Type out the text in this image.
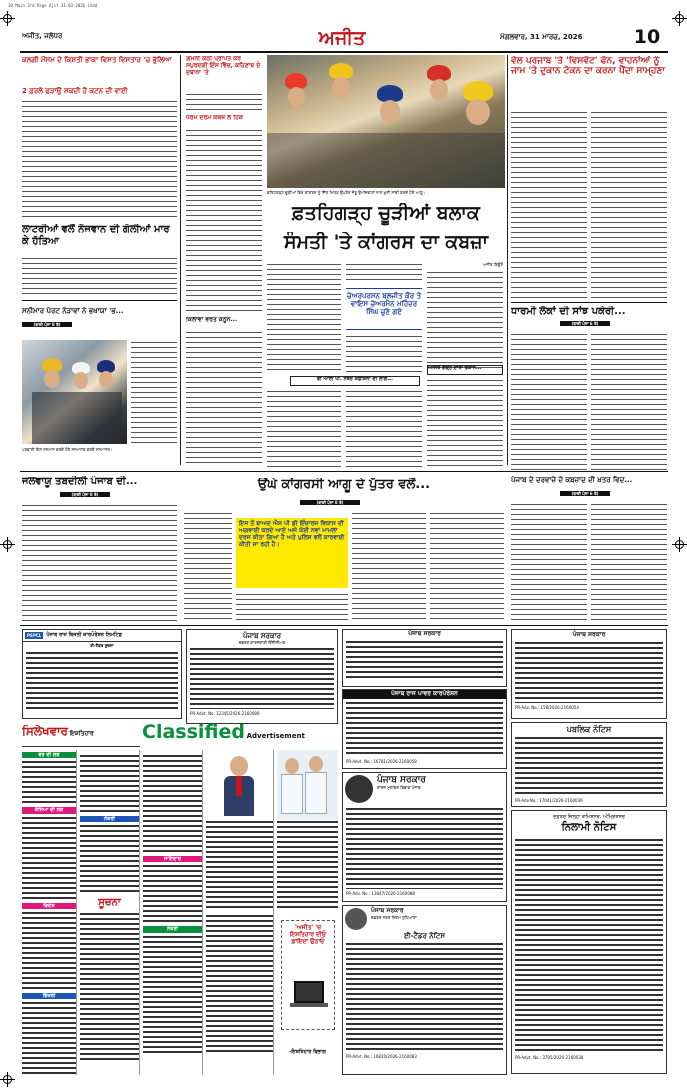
10-Main 3rd Page Ajit 31-03-2026 indd
ਅਜੀਤ, ਜਲੰਧਰ	ਅਜੀਤ	ਮੰਗਲਵਾਰ, 31 ਮਾਰਚ, 2026	10
ਕਲਗੀ ਮੌਸਮ ਦੇ ਕਿਸ਼ਤੀ ਭਾਕਾ ਵਿਸਤ ਵਿਸਤਾਰ 'ਚ ਭੁੱਲਿਆ
2 ਫ਼ਰਲੋ ਫੜਾਉ ਸਕਦੀ ਹੈ ਕਟਨ ਦੀ ਵਾਈ
ਲਾਟਰੀਆਂ ਵਲੋਂ ਨੌਜਵਾਨ ਦੀ ਗੋਲੀਆਂ ਮਾਰ ਕੇ ਹੱਤਿਆ
ਸਨੀਮਾਰ ਪੋਰਟ ਨੇੜਾਵਾਂ ਨੇ ਭਖਾਯਾ 'ਭ...
(ਬਾਕੀ ਪੰਨਾ 8 ਤੇ)
ਪਰਵਾਸੀ ਇਸ ਸਨਮਾਨ ਕਰਦੇ ਹੋਏ ਸਨਮਾਨਤ ਕਰਦੇ ਸਨਮਾਨਤ।
ਗ਼ਮਨੀ ਕੋਠੀ ਪ੍ਰਾਪਤ ਕਰੋ ਸਪੁਰਦਗੀ ਇੰਸ ਵਿੱਚ, ਕਹਿਣਾਬ ਦੇ ਦਬਾਨਾ 'ਤੇ
ਧਰਮ ਦਰਮ ਕਬਜ਼ ਲੋ ਹਿੱਕ
ਕਿਲਾਵਾਂ ਵਰਤ ਕਨੂੰਨ...
ਫ਼ਤਿਹਗੜ੍ਹ ਚੂੜੀਆਂ ਵਿਖੇ ਕਾਂਗਰਸ ਨੂੰ ਜਿੱਤ ਮਿਲਣ ਉਪਰੰਤ ਜੇਤੂ ਉਮੀਦਵਾਰਾਂ ਨਾਲ ਖੁਸ਼ੀ ਸਾਂਝੀ ਕਰਦੇ ਹੋਏ ਆਗੂ।
ਫ਼ਤਹਿਗੜ੍ਹ ਚੂੜੀਆਂ ਬਲਾਕ
ਸੰਮਤੀ 'ਤੇ ਕਾਂਗਰਸ ਦਾ ਕਬਜ਼ਾ
ਚੇਅਰਪਰਸਨ ਬਲਜੀਤ ਕੌਰ ਤੇ ਵਾਇਸ ਚੇਅਰਮੈਨ ਮਹਿੰਦਰ ਸਿੰਘ ਚੁਣੇ ਗਏ
ਅਜੀਤ ਬਿਊਰੋ
ਵੀ ਆਈ ਪੀ. ਨੰਬਰ ਕੰਡੀਸ਼ਨਾਂ ਦੀ ਲਾਗ...
ਅਜਿੱਤ ਗੜ੍ਹ ਦਾਰਾ ਢੱਕਾਂਨ...
ਵੇਲ ਪਰਜਾਬ 'ਤੇ 'ਵਿਸਵੋਟ' ਫੋਨ, ਵਾਹਨਾਂਆਂ ਨੂੰ ਜਾਮ 'ਤੇ ਦੁਕਾਨ ਟੋਕਨ ਦਾ ਕਰਨਾ ਪੈਂਦਾ ਸਾਮ੍ਹਣਾ
ਧਾਰਮੀ ਲੋਕਾਂ ਦੀ ਸਾਂਝ ਪਕੇਰੀ...
(ਬਾਕੀ ਪੰਨਾ 6 ਤੇ)
ਜਲਵਾਯੂ ਤਬਦੀਲੀ ਪੰਜਾਬ ਦੀ...
(ਬਾਕੀ ਪੰਨਾ 8 ਤੇ)
ਉਂਘੇ ਕਾਂਗਰਸੀ ਆਗੂ ਦੇ ਪੁੱਤਰ ਵਲੋਂ...
(ਬਾਕੀ ਪੰਨਾ 8 ਤੇ)
ਇਸ ਤੋਂ ਬਾਅਦ ਐਸ ਪੀ ਡੀ ਇੰਚਾਰਜ ਵਿਕਾਸ ਦੀ ਅਗਵਾਈ ਕਰਦੇ ਆਏ ਅਜੇ ਕੋਈ ਨਵਾਂ ਮਾਮਲਾ ਦਰਜ ਕੀਤਾ ਗਿਆ ਹੈ ਅਤੇ ਪੁਲਿਸ ਵਲੋਂ ਕਾਰਵਾਈ ਕੀਤੀ ਜਾ ਰਹੀ ਹੈ।
ਪੰਜਾਬ ਦੇ ਦਰਵਾਜ਼ੇ ਦੇ ਕਬਜ਼ਾਦ ਦੀ ਖ਼ਤਰ ਵਿਦ...
(ਬਾਕੀ ਪੰਨਾ 6 ਤੇ)
PSPCL	ਪੰਜਾਬ ਰਾਜ ਬਿਜਲੀ ਕਾਰਪੋਰੇਸ਼ਨ ਲਿਮਟਿਡ
ਈ-ਟੈਂਡਰ ਸੂਚਨਾ
ਪੰਜਾਬ ਸਰਕਾਰ
ਦਫ਼ਤਰ ਕਾਰਜਕਾਰੀ ਇੰਜੀਨੀਅਰ
PR-Advt. No. 12345/2026-2160089
ਪੰਜਾਬ ਸਰਕਾਰ
ਪੰਜਾਬ ਰਾਜ ਪਾਵਰ ਕਾਰਪੋਰੇਸ਼ਨ
PR-Advt. No.: 16781/2026-2160058
ਪੰਜਾਬ ਸਰਕਾਰ
PR-Adv. No.: 158/2026-2160054
ਪਬਲਿਕ ਨੋਟਿਸ
PR-Adv.No.: 17041/2026-2160036
ਦਫ਼ਤਰ ਜ਼ਿਲ੍ਹਾ ਕਮਿਸ਼ਨਰ, ਅੰਮ੍ਰਿਤਸਰ
ਨਿਲਾਮੀ ਨੋਟਿਸ
PR-Advt. No.: 3795/2026-2160038
ਸਿਲੇਖਵਾਰ ਇਸ਼ਤਿਹਾਰ	Classified Advertisement
ਵਰ ਦੀ ਲੋੜ
ਕੰਨਿਆ ਦੀ ਲੋੜ
ਵਿਦੇਸ਼
ਵਿੱਕਰੀ
ਨੌਕਰੀ
ਸੂਚਨਾ
ਜਾਇਦਾਦ
ਨੌਕਰੀ	'ਅਜੀਤ' 'ਚ ਇਸ਼ਤਿਹਾਰ ਦੀਓ ਫ਼ਾਇਦਾ ਉਠਾਓ
-ਇਸ਼ਤਿਹਾਰ ਵਿਭਾਗ
ਪੰਜਾਬ ਸਰਕਾਰ
ਕਾਰਜ ਮੁਲਾਂਕਣ ਵਿਭਾਗ ਪੰਜਾਬ
PR-Adv. No.: 13847/2026-2160088
ਪੰਜਾਬ ਸਰਕਾਰ
ਦਫ਼ਤਰ ਨਗਰ ਨਿਗਮ ਲੁਧਿਆਣਾ
ਈ-ਟੈਂਡਰ ਨੋਟਿਸ
PR-Advt. No.: 16820/2026-2160083
